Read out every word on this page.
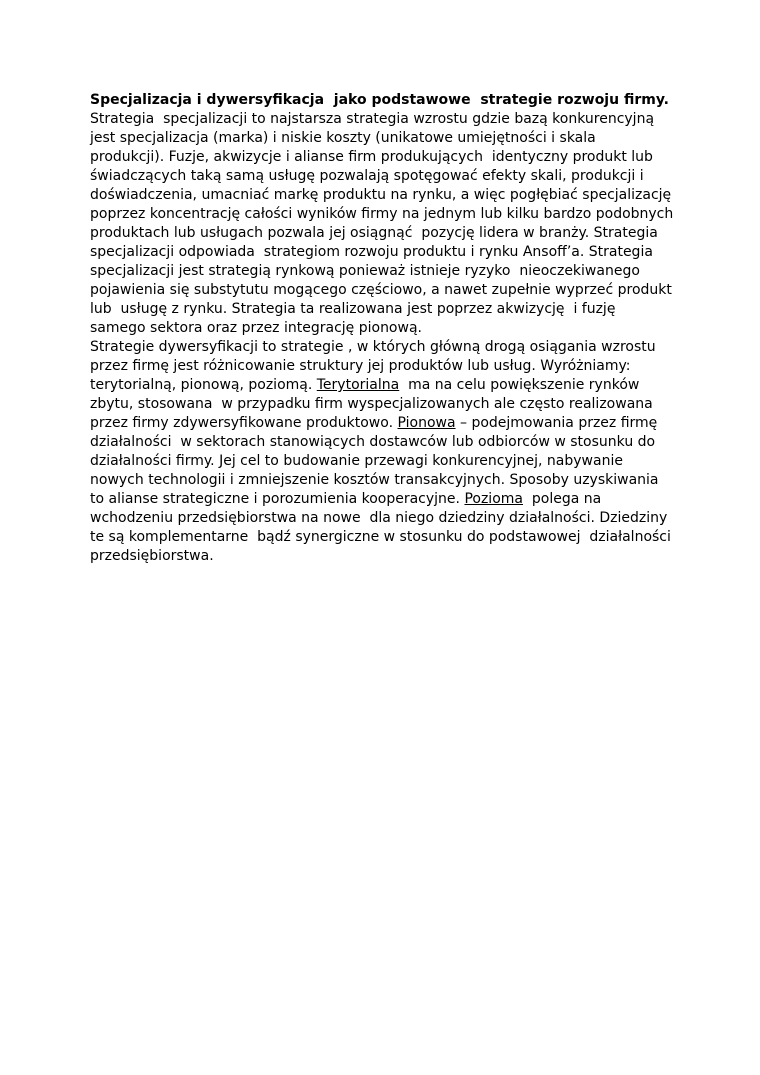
Specjalizacja i dywersyfikacja  jako podstawowe  strategie rozwoju firmy.

Strategia  specjalizacji to najstarsza strategia wzrostu gdzie bazą konkurencyjną jest specjalizacja (marka) i niskie koszty (unikatowe umiejętności i skala produkcji). Fuzje, akwizycje i alianse firm produkujących  identyczny produkt lub świadczących taką samą usługę pozwalają spotęgować efekty skali, produkcji i doświadczenia, umacniać markę produktu na rynku, a więc pogłębiać specjalizację  poprzez koncentrację całości wyników firmy na jednym lub kilku bardzo podobnych produktach lub usługach pozwala jej osiągnąć  pozycję lidera w branży. Strategia specjalizacji odpowiada  strategiom rozwoju produktu i rynku Ansoff’a. Strategia  specjalizacji jest strategią rynkową ponieważ istnieje ryzyko  nieoczekiwanego pojawienia się substytutu mogącego częściowo, a nawet zupełnie wyprzeć produkt lub  usługę z rynku. Strategia ta realizowana jest poprzez akwizycję  i fuzję samego sektora oraz przez integrację pionową.

Strategie dywersyfikacji to strategie , w których główną drogą osiągania wzrostu przez firmę jest różnicowanie struktury jej produktów lub usług. Wyróżniamy: terytorialną, pionową, poziomą. Terytorialna  ma na celu powiększenie rynków zbytu, stosowana  w przypadku firm wyspecjalizowanych ale często realizowana  przez firmy zdywersyfikowane produktowo. Pionowa – podejmowania przez firmę działalności  w sektorach stanowiących dostawców lub odbiorców w stosunku do działalności firmy. Jej cel to budowanie przewagi konkurencyjnej, nabywanie nowych technologii i zmniejszenie kosztów transakcyjnych. Sposoby uzyskiwania to alianse strategiczne i porozumienia kooperacyjne. Pozioma  polega na wchodzeniu przedsiębiorstwa na nowe  dla niego dziedziny działalności. Dziedziny te są komplementarne  bądź synergiczne w stosunku do podstawowej  działalności przedsiębiorstwa.
